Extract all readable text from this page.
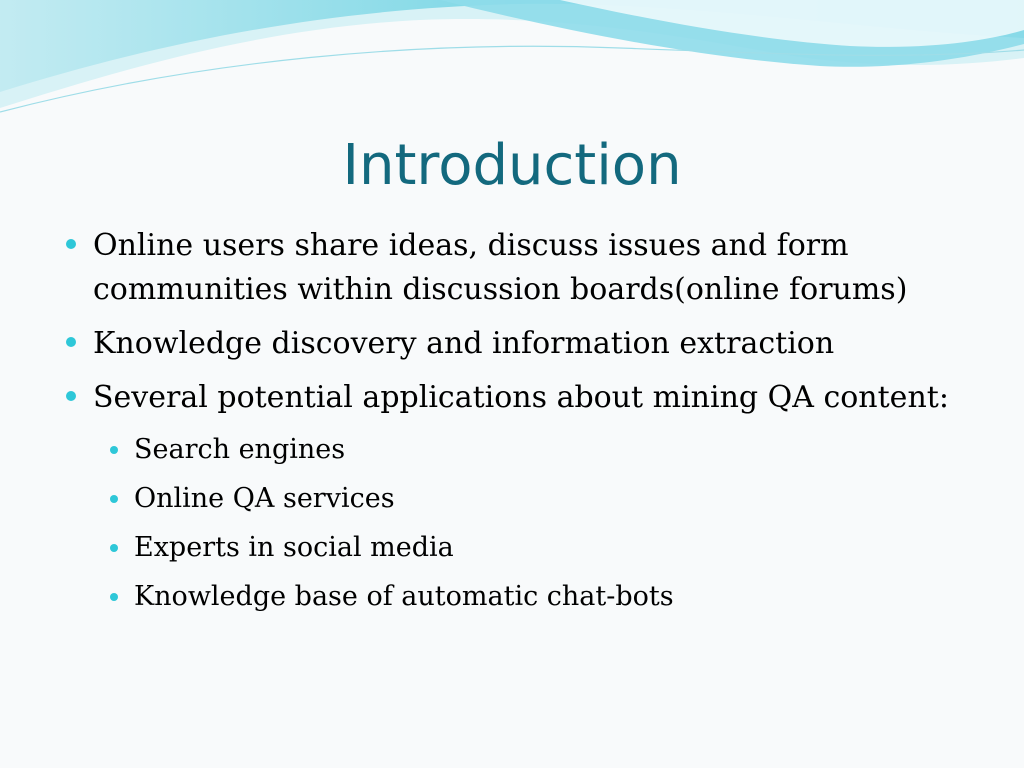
Introduction
Online users share ideas, discuss issues and form communities within discussion boards(online forums)
Knowledge discovery and information extraction
Several potential applications about mining QA content:
Search engines
Online QA services
Experts in social media
Knowledge base of automatic chat-bots
